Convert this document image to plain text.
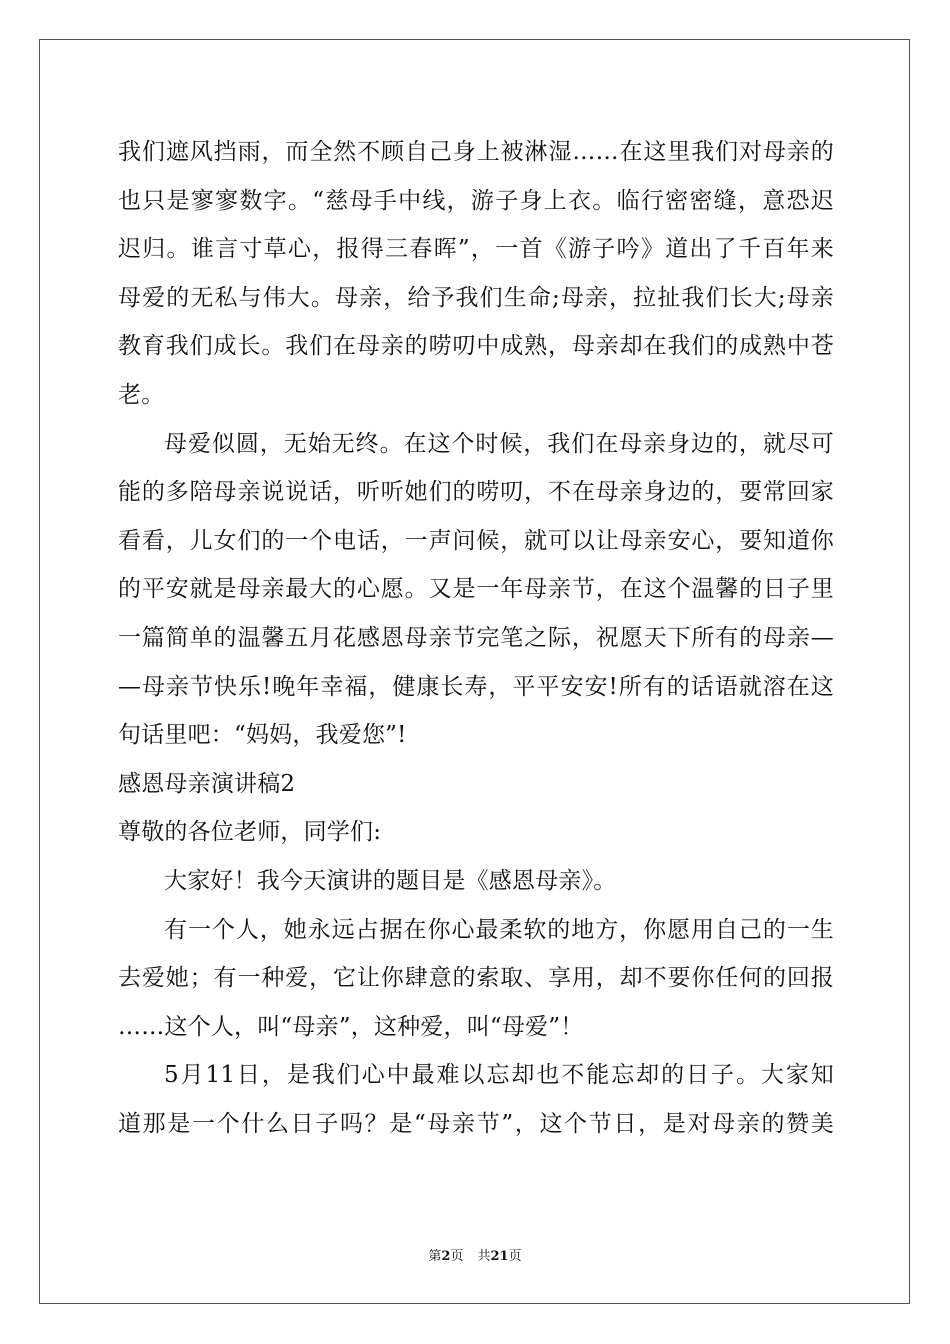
我们遮风挡雨，而全然不顾自己身上被淋湿……在这里我们对母亲的
也只是寥寥数字。“慈母手中线，游子身上衣。临行密密缝，意恐迟
迟归。谁言寸草心，报得三春晖”，一首《游子吟》道出了千百年来
母爱的无私与伟大。母亲，给予我们生命;母亲，拉扯我们长大;母亲
教育我们成长。我们在母亲的唠叨中成熟，母亲却在我们的成熟中苍
老。
母爱似圆，无始无终。在这个时候，我们在母亲身边的，就尽可
能的多陪母亲说说话，听听她们的唠叨，不在母亲身边的，要常回家
看看，儿女们的一个电话，一声问候，就可以让母亲安心，要知道你
的平安就是母亲最大的心愿。又是一年母亲节，在这个温馨的日子里
一篇简单的温馨五月花感恩母亲节完笔之际，祝愿天下所有的母亲—
—母亲节快乐!晚年幸福，健康长寿，平平安安!所有的话语就溶在这
句话里吧：“妈妈，我爱您”!
感恩母亲演讲稿2
尊敬的各位老师，同学们:
大家好！我今天演讲的题目是《感恩母亲》。
有一个人，她永远占据在你心最柔软的地方，你愿用自己的一生
去爱她；有一种爱，它让你肆意的索取、享用，却不要你任何的回报
……这个人，叫“母亲”，这种爱，叫“母爱”！
5月11日，是我们心中最难以忘却也不能忘却的日子。大家知
道那是一个什么日子吗？是“母亲节”，这个节日，是对母亲的赞美
第2页 共21页
